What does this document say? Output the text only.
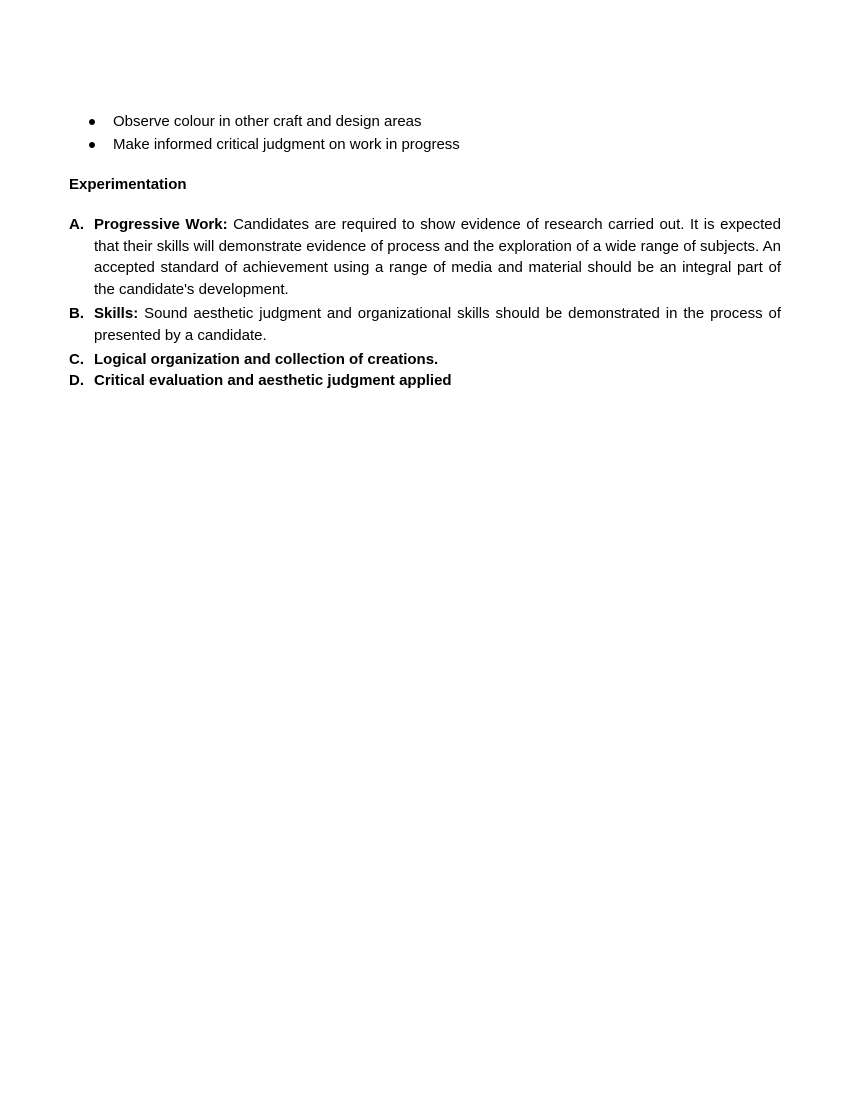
Observe colour in other craft and design areas
Make informed critical judgment on work in progress
Experimentation
A. Progressive Work: Candidates are required to show evidence of research carried out. It is expected that their skills will demonstrate evidence of process and the exploration of a wide range of subjects. An accepted standard of achievement using a range of media and material should be an integral part of the candidate's development.
B. Skills: Sound aesthetic judgment and organizational skills should be demonstrated in the process of presented by a candidate.
C. Logical organization and collection of creations.
D. Critical evaluation and aesthetic judgment applied
